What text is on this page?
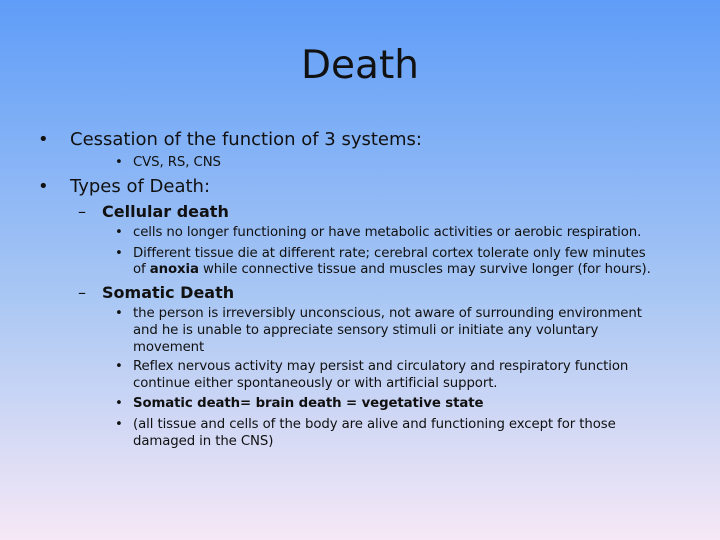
Death
• Cessation of the function of 3 systems:
• CVS, RS, CNS
• Types of Death:
– Cellular death
• cells no longer functioning or have metabolic activities or aerobic respiration.
• Different tissue die at different rate; cerebral cortex tolerate only few minutes
of anoxia while connective tissue and muscles may survive longer (for hours).
– Somatic Death
• the person is irreversibly unconscious, not aware of surrounding environment
and he is unable to appreciate sensory stimuli or initiate any voluntary
movement
• Reflex nervous activity may persist and circulatory and respiratory function
continue either spontaneously or with artificial support.
• Somatic death= brain death = vegetative state
• (all tissue and cells of the body are alive and functioning except for those
damaged in the CNS)
